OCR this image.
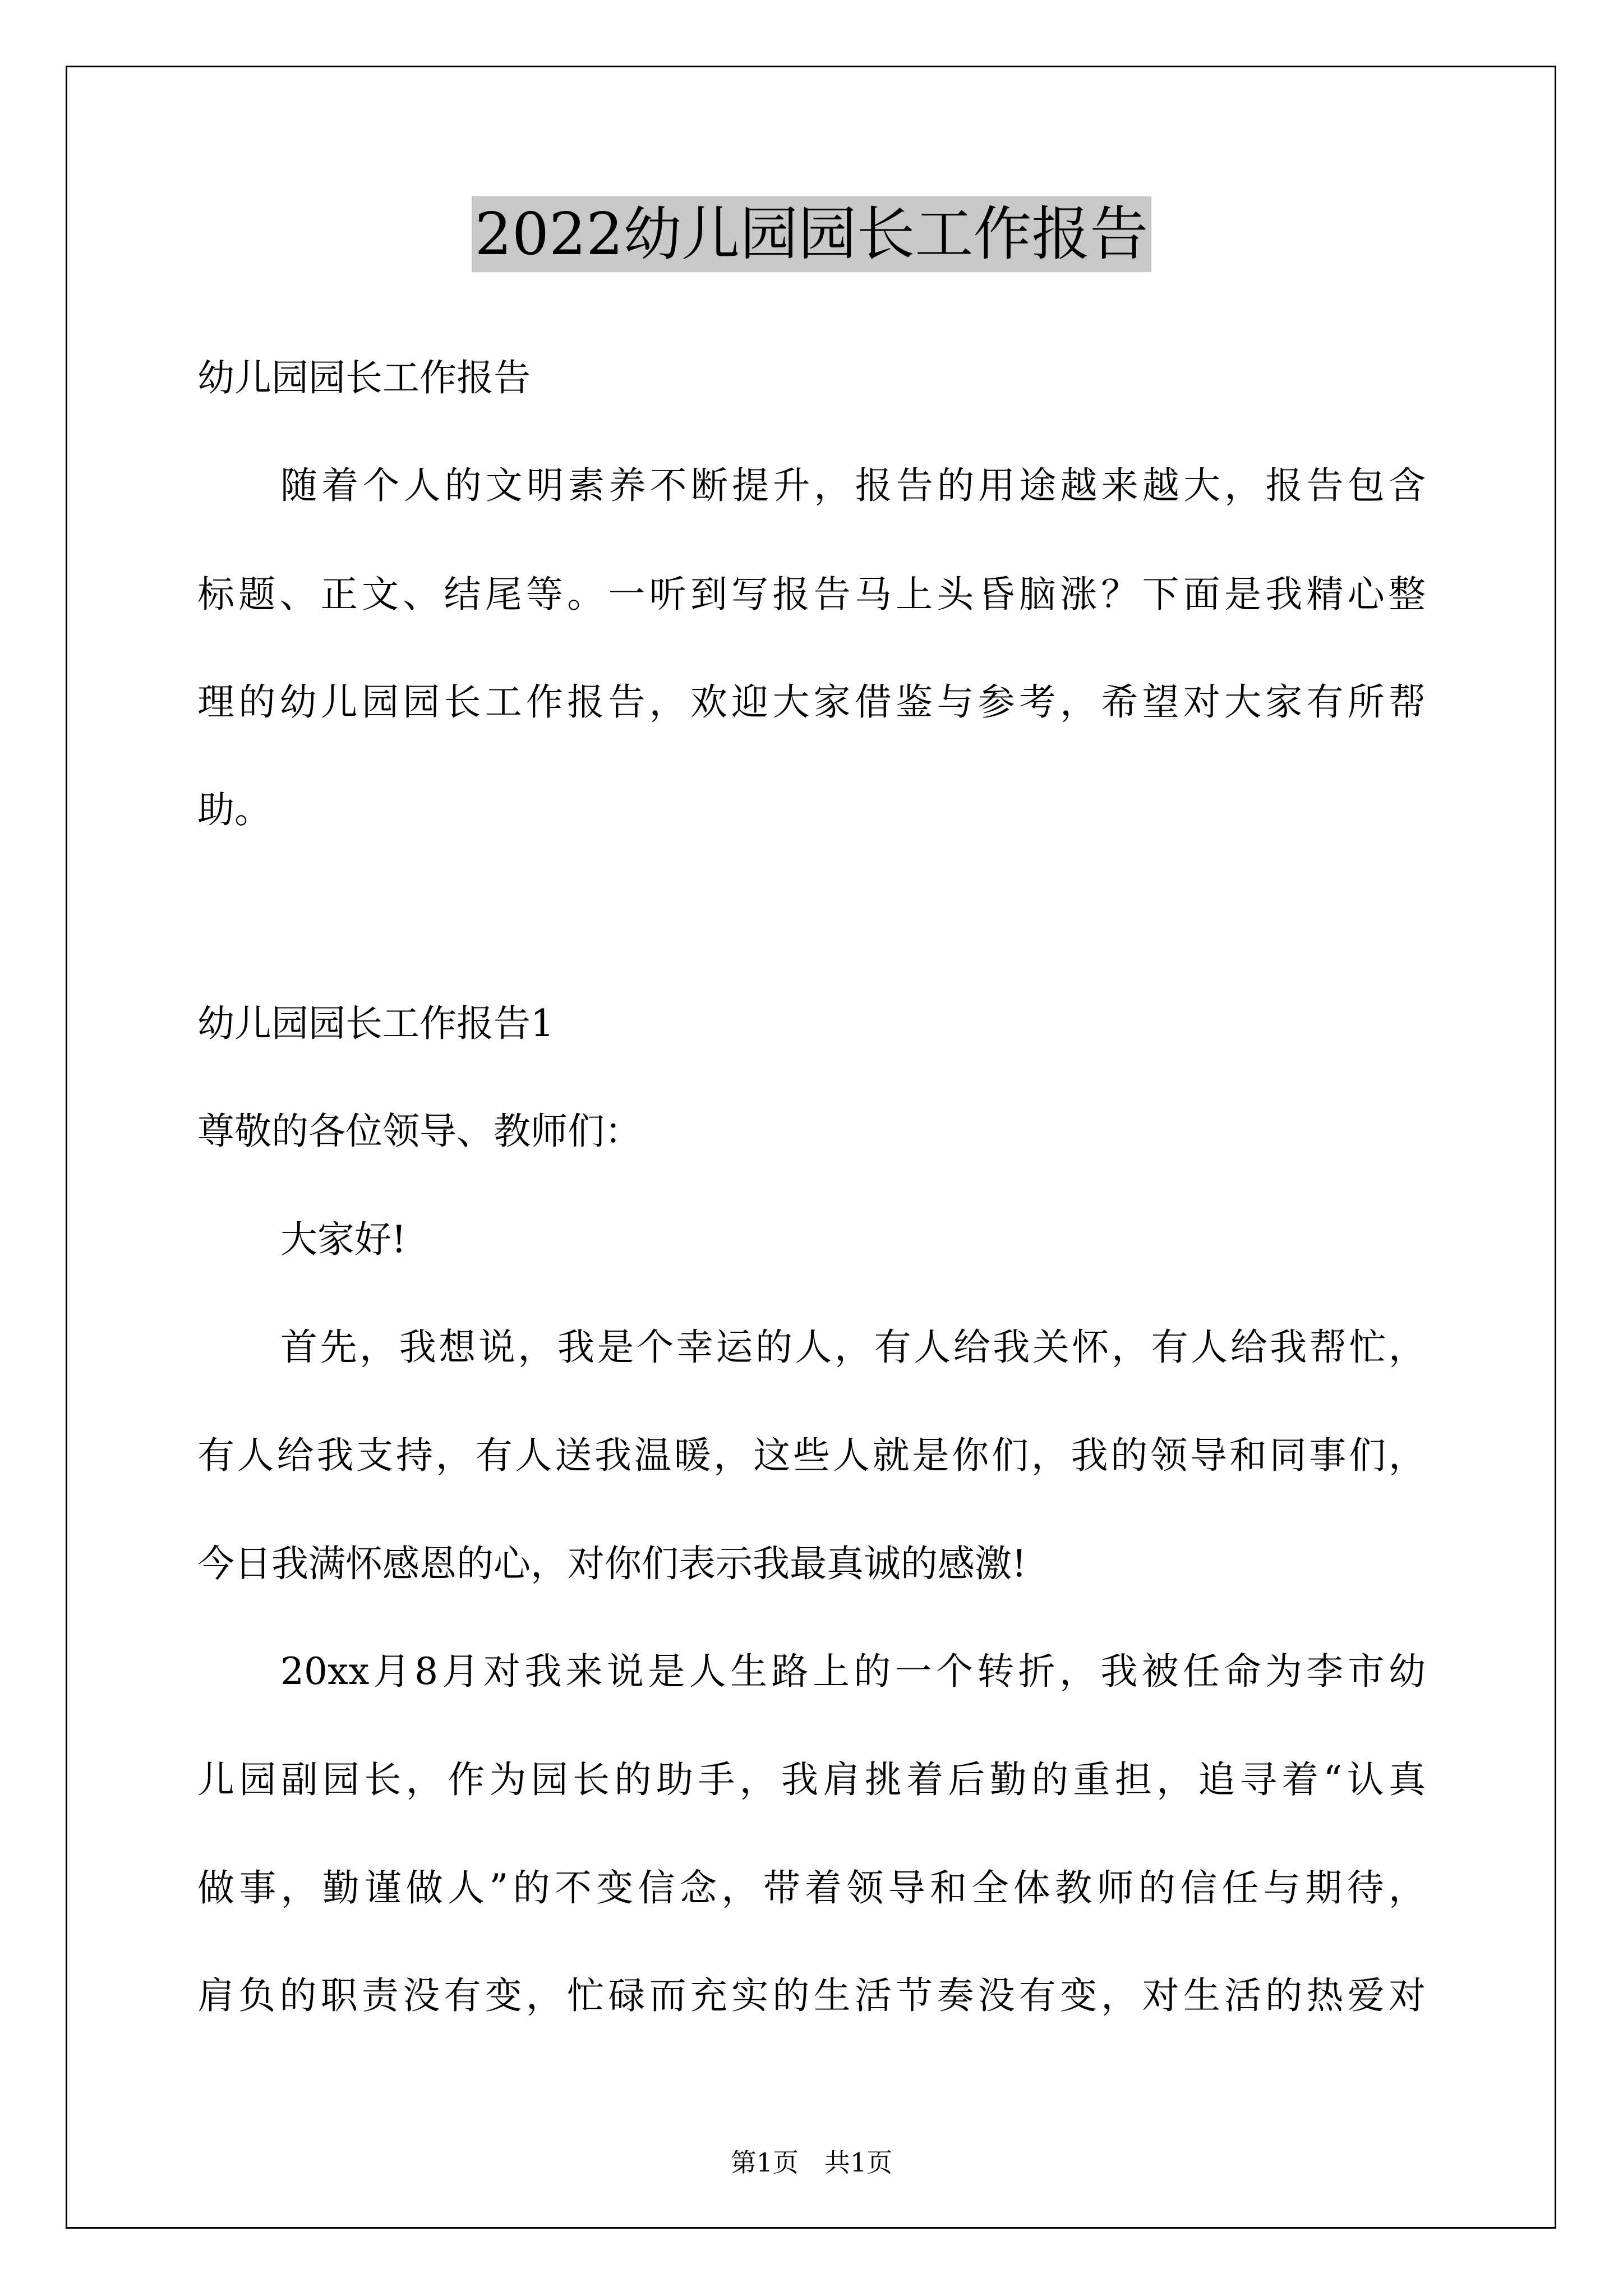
2022幼儿园园长工作报告
幼儿园园长工作报告
随着个人的文明素养不断提升，报告的用途越来越大，报告包含
标题、正文、结尾等。一听到写报告马上头昏脑涨？下面是我精心整
理的幼儿园园长工作报告，欢迎大家借鉴与参考，希望对大家有所帮
助。
幼儿园园长工作报告1
尊敬的各位领导、教师们：
大家好!
首先，我想说，我是个幸运的人，有人给我关怀，有人给我帮忙，
有人给我支持，有人送我温暖，这些人就是你们，我的领导和同事们，
今日我满怀感恩的心，对你们表示我最真诚的感激!
20xx月8月对我来说是人生路上的一个转折，我被任命为李市幼
儿园副园长，作为园长的助手，我肩挑着后勤的重担，追寻着“认真
做事，勤谨做人”的不变信念，带着领导和全体教师的信任与期待，
肩负的职责没有变，忙碌而充实的生活节奏没有变，对生活的热爱对
第1页　共1页
